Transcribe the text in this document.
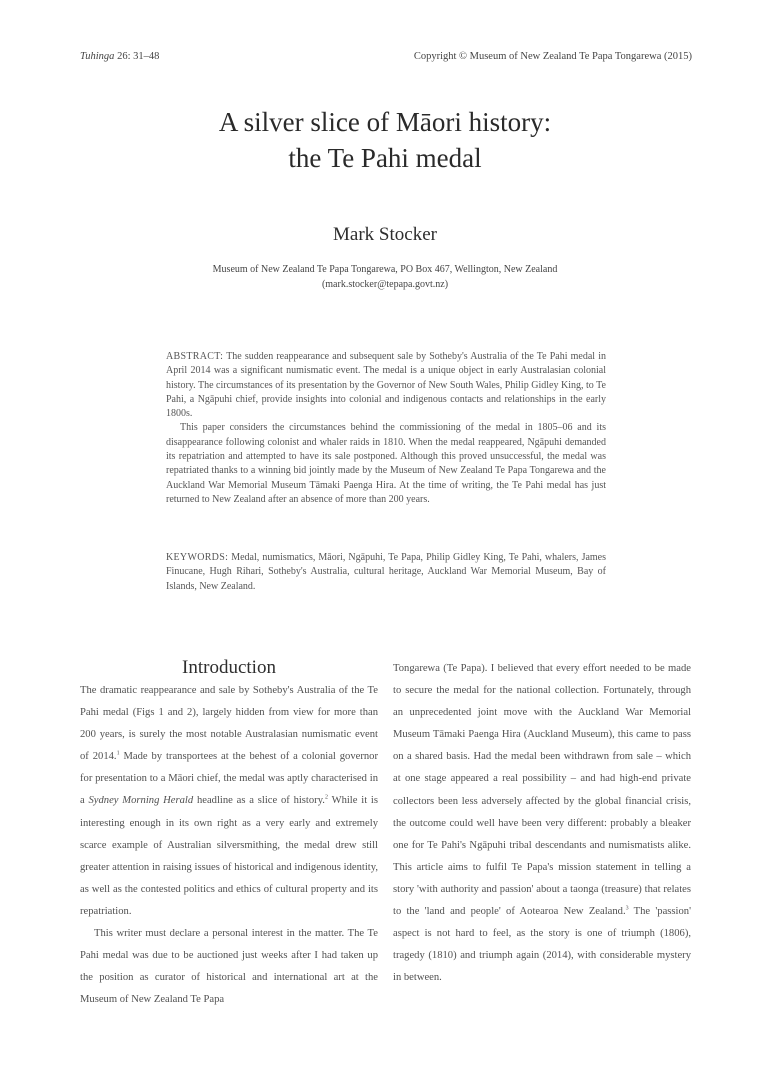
Tuhinga 26: 31–48	Copyright © Museum of New Zealand Te Papa Tongarewa (2015)
A silver slice of Māori history:
the Te Pahi medal
Mark Stocker
Museum of New Zealand Te Papa Tongarewa, PO Box 467, Wellington, New Zealand
(mark.stocker@tepapa.govt.nz)

ABSTRACT: The sudden reappearance and subsequent sale by Sotheby's Australia of the Te Pahi medal in April 2014 was a significant numismatic event. The medal is a unique object in early Australasian colonial history. The circumstances of its presentation by the Governor of New South Wales, Philip Gidley King, to Te Pahi, a Ngāpuhi chief, provide insights into colonial and indigenous contacts and relationships in the early 1800s.

This paper considers the circumstances behind the commissioning of the medal in 1805–06 and its disappearance following colonist and whaler raids in 1810. When the medal reappeared, Ngāpuhi demanded its repatriation and attempted to have its sale postponed. Although this proved unsuccessful, the medal was repatriated thanks to a winning bid jointly made by the Museum of New Zealand Te Papa Tongarewa and the Auckland War Memorial Museum Tāmaki Paenga Hira. At the time of writing, the Te Pahi medal has just returned to New Zealand after an absence of more than 200 years.

KEYWORDS: Medal, numismatics, Māori, Ngāpuhi, Te Papa, Philip Gidley King, Te Pahi, whalers, James Finucane, Hugh Rihari, Sotheby's Australia, cultural heritage, Auckland War Memorial Museum, Bay of Islands, New Zealand.
Introduction

The dramatic reappearance and sale by Sotheby's Australia of the Te Pahi medal (Figs 1 and 2), largely hidden from view for more than 200 years, is surely the most notable Australasian numismatic event of 2014.$^1$ Made by transportees at the behest of a colonial governor for presentation to a Māori chief, the medal was aptly characterised in a Sydney Morning Herald headline as a slice of history.$^2$ While it is interesting enough in its own right as a very early and extremely scarce example of Australian silversmithing, the medal drew still greater attention in raising issues of historical and indigenous identity, as well as the contested politics and ethics of cultural property and its repatriation.

This writer must declare a personal interest in the matter. The Te Pahi medal was due to be auctioned just weeks after I had taken up the position as curator of historical and international art at the Museum of New Zealand Te Papa

Tongarewa (Te Papa). I believed that every effort needed to be made to secure the medal for the national collection. Fortunately, through an unprecedented joint move with the Auckland War Memorial Museum Tāmaki Paenga Hira (Auckland Museum), this came to pass on a shared basis. Had the medal been withdrawn from sale – which at one stage appeared a real possibility – and had high-end private collectors been less adversely affected by the global financial crisis, the outcome could well have been very different: probably a bleaker one for Te Pahi's Ngāpuhi tribal descendants and numismatists alike. This article aims to fulfil Te Papa's mission statement in telling a story 'with authority and passion' about a taonga (treasure) that relates to the 'land and people' of Aotearoa New Zealand.$^3$ The 'passion' aspect is not hard to feel, as the story is one of triumph (1806), tragedy (1810) and triumph again (2014), with considerable mystery in between.
